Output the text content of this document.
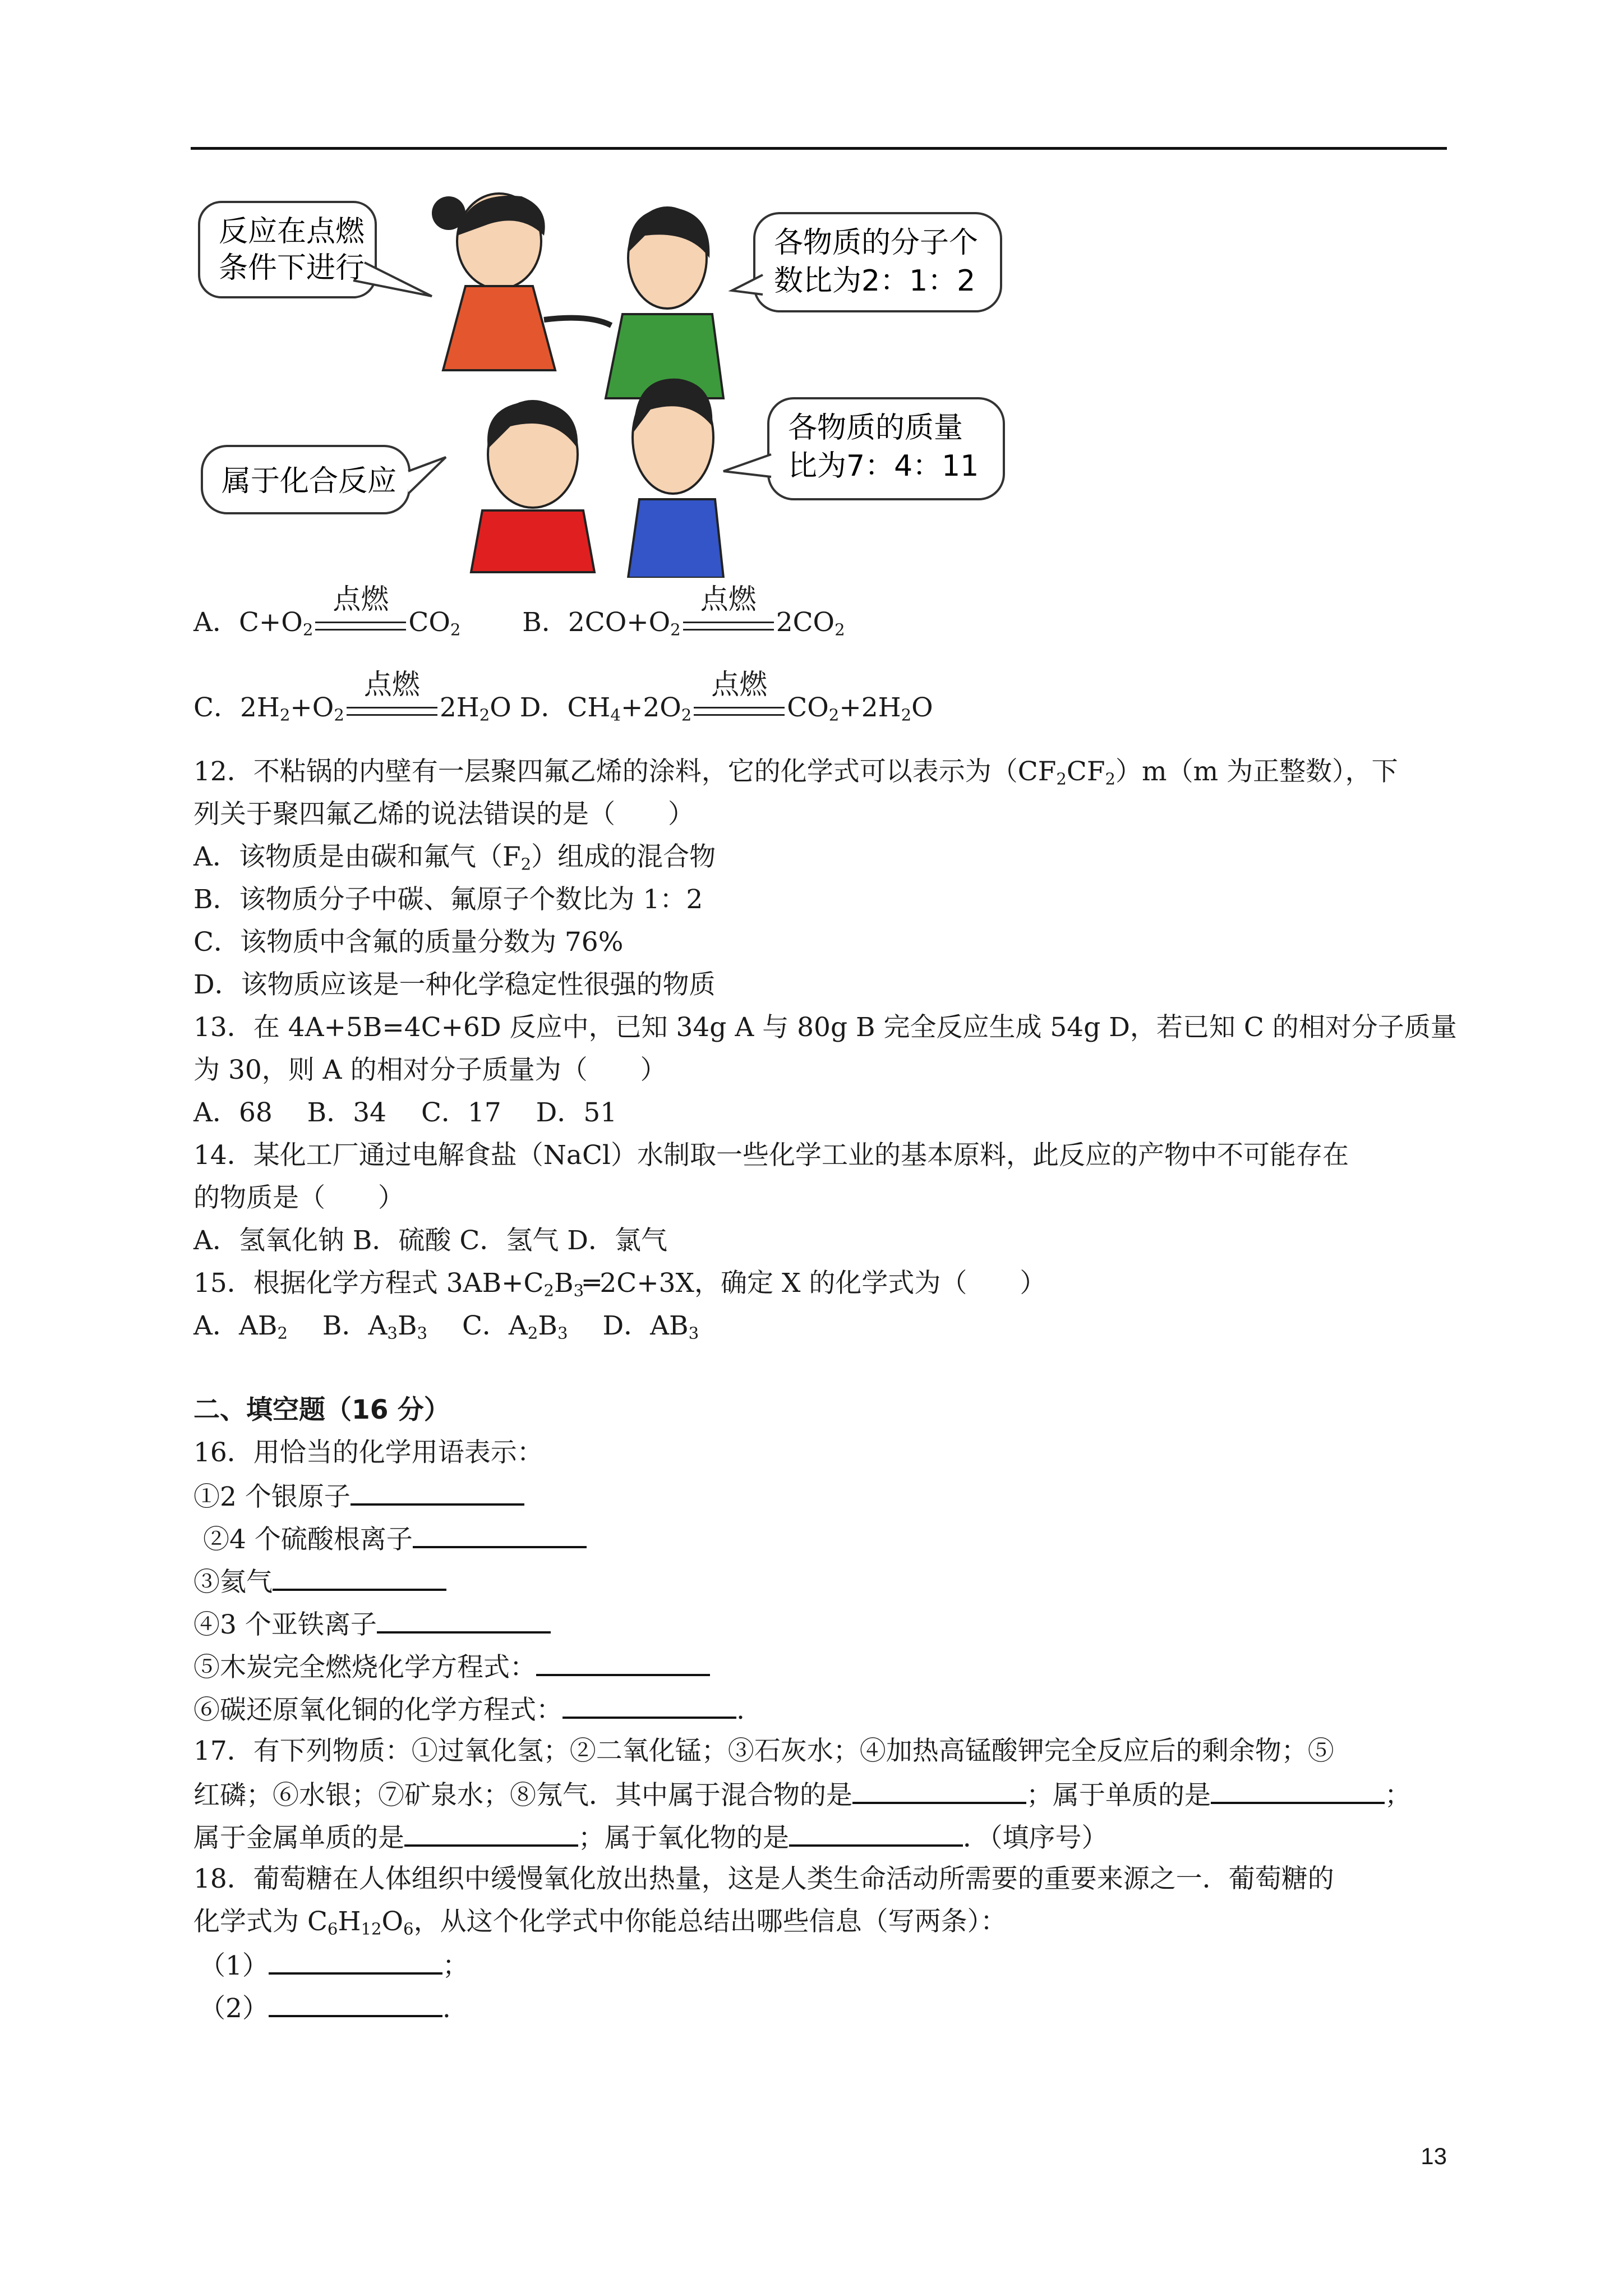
反应在点燃
条件下进行
各物质的分子个
数比为2：1：2
属于化合反应
各物质的质量
比为7：4：11
A．$C+O_2$
点燃
$CO_2$ B．$2CO+O_2$
点燃
$2CO_2$
C．$2H_2+O_2$
点燃
$2H_2O$ D．$CH_4+2O_2$
点燃
$CO_2+2H_2O$
12．不粘锅的内壁有一层聚四氟乙烯的涂料，它的化学式可以表示为$(CF_2CF_2)m(m$ 为正整数），下
列关于聚四氟乙烯的说法错误的是（　　）
A．该物质是由碳和氟气$(F_2)$组成的混合物
B．该物质分子中碳、氟原子个数比为 1：2
C．该物质中含氟的质量分数为 76%
D．该物质应该是一种化学稳定性很强的物质
13．在 4A+5B=4C+6D 反应中，已知 34g A 与 80g B 完全反应生成 54g D，若已知 C 的相对分子质量
为 30，则 A 的相对分子质量为（　　）
A．68　 B．34　 C．17　 D．51
14．某化工厂通过电解食盐（NaCl）水制取一些化学工业的基本原料，此反应的产物中不可能存在
的物质是（　　）
A．氢氧化钠 B．硫酸 C．氢气 D．氯气
15．根据化学方程式 $3AB+C_2B_3═2C+3X$，确定 X 的化学式为（　　）
A．$AB_2$　 B．$A_3B_3$　 C．$A_2B_3$　 D．$AB_3$
二、填空题（16 分）
16．用恰当的化学用语表示：
①2 个银原子
②4 个硫酸根离子
③氦气
④3 个亚铁离子
⑤木炭完全燃烧化学方程式：
⑥碳还原氧化铜的化学方程式：	.
17．有下列物质：①过氧化氢；②二氧化锰；③石灰水；④加热高锰酸钾完全反应后的剩余物；⑤
红磷；⑥水银；⑦矿泉水；⑧氖气．其中属于混合物的是	；属于单质的是	；
属于金属单质的是	；属于氧化物的是	．（填序号）
18．葡萄糖在人体组织中缓慢氧化放出热量，这是人类生命活动所需要的重要来源之一．葡萄糖的
化学式为 $C_6H_{12}O_6$，从这个化学式中你能总结出哪些信息（写两条）：
（1）	；
（2）	.
13
